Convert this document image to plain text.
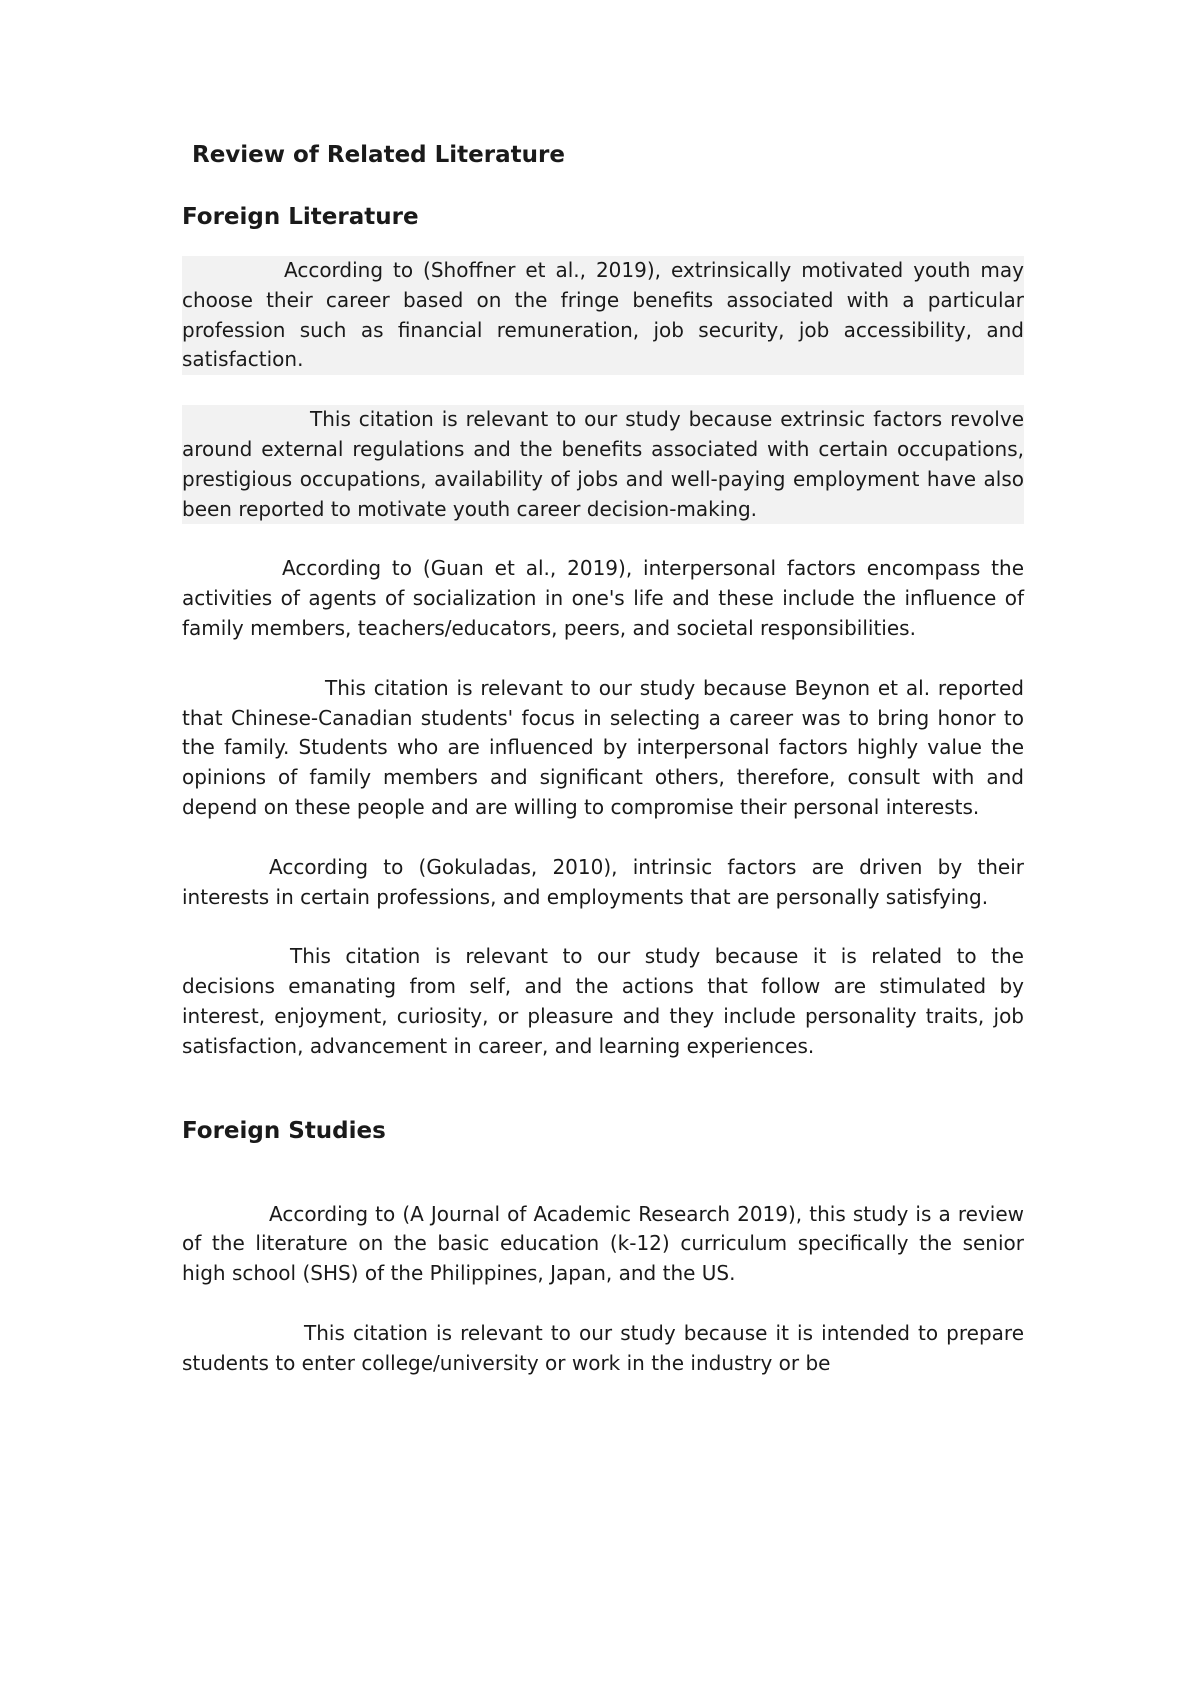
Review of Related Literature
Foreign Literature

According to (Shoffner et al., 2019), extrinsically motivated youth may choose their career based on the fringe benefits associated with a particular profession such as financial remuneration, job security, job accessibility, and satisfaction.

This citation is relevant to our study because extrinsic factors revolve around external regulations and the benefits associated with certain occupations, prestigious occupations, availability of jobs and well-paying employment have also been reported to motivate youth career decision-making.

According to (Guan et al., 2019), interpersonal factors encompass the activities of agents of socialization in one's life and these include the influence of family members, teachers/educators, peers, and societal responsibilities.

This citation is relevant to our study because Beynon et al. reported that Chinese-Canadian students' focus in selecting a career was to bring honor to the family. Students who are influenced by interpersonal factors highly value the opinions of family members and significant others, therefore, consult with and depend on these people and are willing to compromise their personal interests.

According to (Gokuladas, 2010), intrinsic factors are driven by their interests in certain professions, and employments that are personally satisfying.

This citation is relevant to our study because it is related to the decisions emanating from self, and the actions that follow are stimulated by interest, enjoyment, curiosity, or pleasure and they include personality traits, job satisfaction, advancement in career, and learning experiences.

Foreign Studies

According to (A Journal of Academic Research 2019), this study is a review of the literature on the basic education (k-12) curriculum specifically the senior high school (SHS) of the Philippines, Japan, and the US.

This citation is relevant to our study because it is intended to prepare students to enter college/university or work in the industry or be
